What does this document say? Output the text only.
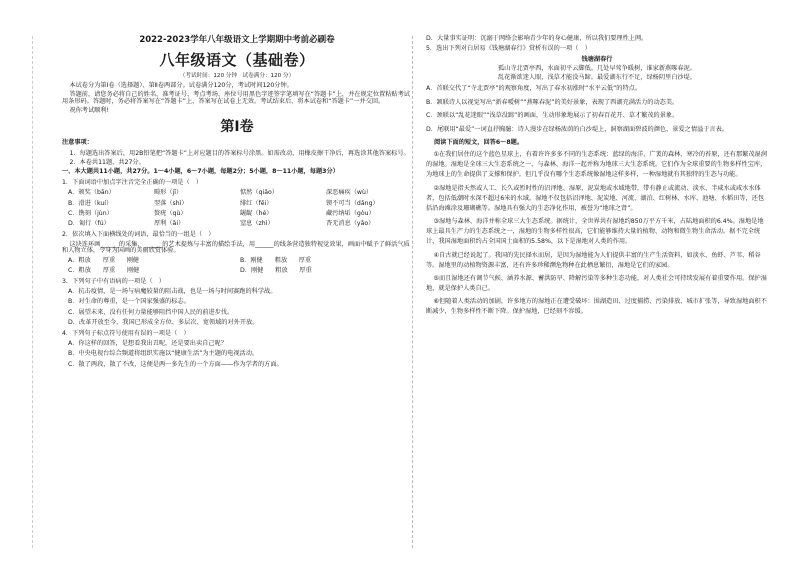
2022-2023学年八年级语文上学期期中考前必刷卷
八年级语文（基础卷）
（考试时间：120 分钟　试卷满分：120 分）
本试卷分为第Ⅰ卷（选择题）、第Ⅱ卷两部分。试卷满分120分，考试时间120分钟。
答题前，请您务必将自己的姓名、准考证号、考点考场、座位号用黑色字迹签字笔填写在“答题卡”上，并在规定位置粘贴考试用条形码。答题时，务必将答案写在“答题卡”上，答案写在试卷上无效。考试结束后，将本试卷和“答题卡”一并交回。
祝你考试顺利!
第Ⅰ卷
注意事项：
1．每题选出答案后，用2B铅笔把“答题卡”上对应题目的答案标号涂黑。如需改动，用橡皮擦干净后，再选涂其他答案标号。
2．本卷共11题，共27分。
一、本大题共11小题，共27分。1～4小题，6～7小题，每题2分；5小题，8～11小题，每题3分）
1．下面词语中加点字注音完全正确的一项是（　）
A．颁奖（bān）	畸形（jī）	惦然（qiǎo）	深恶痛疾（wù）
B．滑进（kuí）	翌落（shì）	绯红（fēi）	锲不可当（dǎng）
C．镌刻（jùn）	赘疣（qù）	龌龊（hé）	藏污纳垢（gòu）
D．匍行（fú）	厚利（ǎi）	窒息（zhì）	杳无消息（yǎo）
2．依次填入下面横线处的词语，最恰当的一组是（　）
这块连环画______的采集、______的艺术提炼与丰富的描绘手法，用______的线条营造独特视觉效果，画面中赋予了鲜活气质和人物立体，令身为国画的美丽欣赏体验。
A．粗放 厚重 刚健	B．刚健 粗放 厚重
C．粗放 厚重 刚健	D．刚健 粗放 厚重
3．下列句子中有语病的一项是（　）
A．抗击疫情，是一场与病魔较量的阻击战，也是一场与时间赛跑的科学战。
B．对生命的尊重，是一个国家强盛的标志。
C．展望未来，没有任何力量能够阻挡中国人民的前进步伐。
D．改革开放至今，我国已形成全方位、多层次、宽领域的对外开放。
4．下列句子标点符号使用有误的一项是（　）
A．你这样的回答，是想看我出丑呢，还是要出卖自己呢？
B．中央电视台综合频道将组织实施以“健康生活”为主题的电视活动。
C．散了两段，散了不改，这便是两一多先生的一个方面——作为学者的方面。
D．大量事实证明：沉溺于网络会影响青少年的身心健康，所以我们要理性上网。
5．选出下列对白居易《钱塘湖春行》赏析有误的一项（　）
钱塘湖春行
孤山寺北贾亭西，水面初平云脚低。几处早莺争暖树，谁家新燕啄春泥。
乱花渐欲迷人眼，浅草才能没马蹄。最爱湖东行不足，绿杨阴里白沙堤。
A．首联交代了“寺北贾亭”的观察角度，写出了春水初涨时“水平云低”的特点。
B．颔联诗人以视觉写出“新春嗳树”“燕啄春泥”的美好景象，表现了西湖充满活力的动态美。
C．颈联以“乱花迷眼”“浅草没蹄”的画面，生动形象地展示了初春百花开、草才繁茂的景象。
D．尾联用“最爱”一词直抒胸臆：诗人漫步在绿杨浓荫的白沙堤上，洞察湖面碧波的颜色，景爱之情溢于言表。
阅读下面的短文，回答6～8题。
①在我们居住的这个蓝色星球上，有着许许多多不同的生态系统：蓝绿的海洋、广袤的森林、寒冷的苔原，还有那繁茂湿润的湿地。湿地是全球三大生态系统之一，与森林、海洋一起并称为地球三大生态系统。它们作为全球重要的生物多样性宝库，为地球上的生命提供了支撑和保护。但几乎没有哪个生态系统像湿地这样多样，一种湿地就有其独特的生态与功能。
②湿地是指天然或人工、长久或暂时性的沼泽地、湿原、泥炭地或水域地带，带有静止或流动、淡水、半咸水或咸水水体者，包括低潮时水深不超过6米的水域。湿地不仅包括沼泽地、泥炭地、河流、湖泊、红树林、水库、池塘、水稻田等，还包括沿海滩涂及珊瑚礁等。湿地具有强大的生态净化作用，被誉为“地球之肾”。
③湿地与森林、海洋并称全球三大生态系统。据统计，全世界共有湿地约850万平方千米，占陆地面积的6.4%。湿地是地球上最具生产力的生态系统之一，湿地的生物多样性很高，它们能够维持大量的植物、动物和微生物生命活动。据不完全统计，我国湿地面积约占全国国土面积的5.58%，以下是湿地对人类的作用。
④自古就已经说起了。我国的先民择水而居，是因为湿地能为人们提供丰富的生产生活资料，如淡水、鱼虾、芦苇、稻谷等。湿地里的动植物资源丰富，还有许多珍稀濒危物种在此栖息繁衍，湿地是它们的家园。
⑤而且湿地还有调节气候、涵养水源、蓄洪防旱、降解污染等多种生态功能，对人类社会可持续发展有着重要作用。保护湿地，就是保护人类自己。
⑥但随着人类活动的加剧，许多地方的湿地正在遭受破坏：围湖造田、过度捕捞、污染排放、城市扩张等，导致湿地面积不断减少，生物多样性不断下降。保护湿地，已经刻不容缓。
